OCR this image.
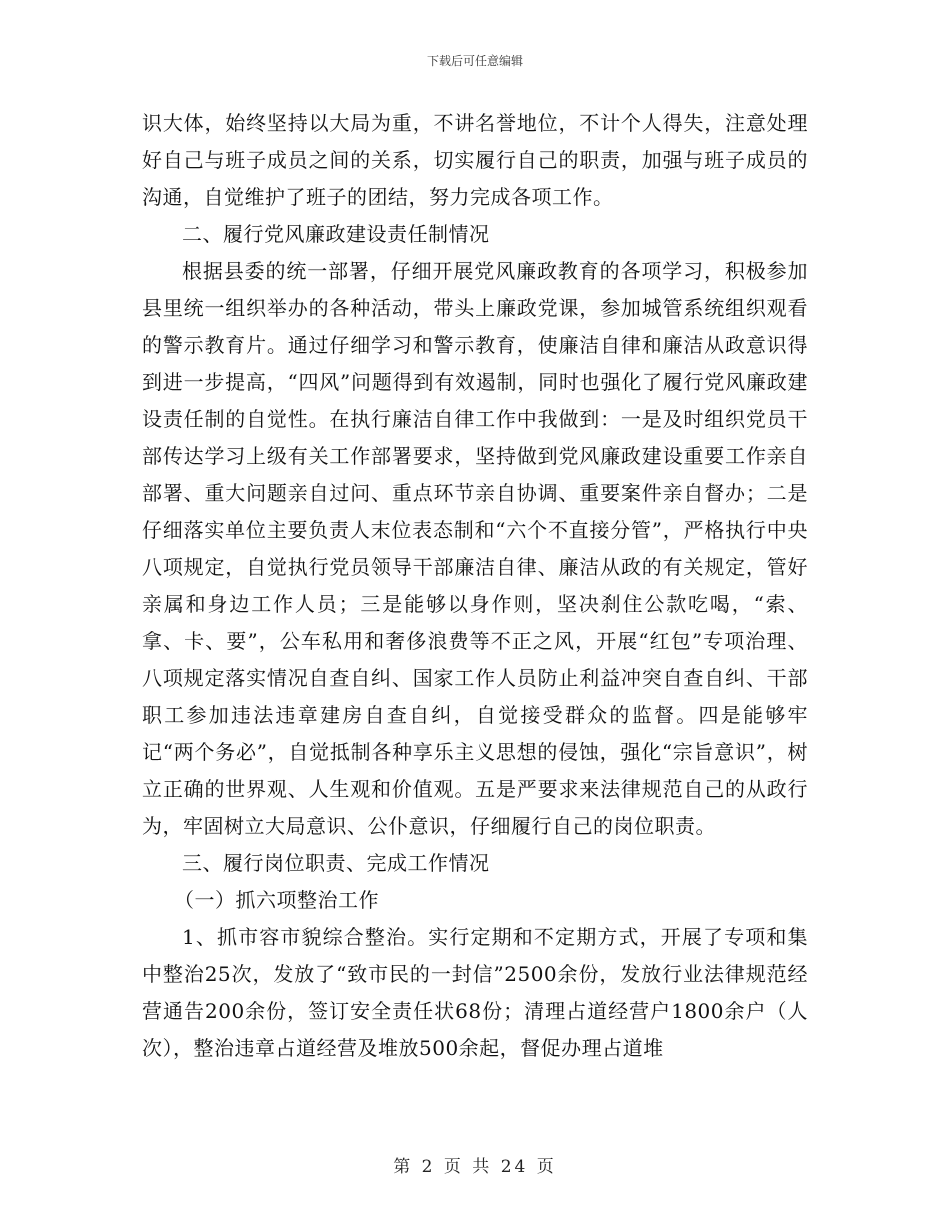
下载后可任意编辑

识大体，始终坚持以大局为重，不讲名誉地位，不计个人得失，注意处理好自己与班子成员之间的关系，切实履行自己的职责，加强与班子成员的沟通，自觉维护了班子的团结，努力完成各项工作。

二、履行党风廉政建设责任制情况

根据县委的统一部署，仔细开展党风廉政教育的各项学习，积极参加县里统一组织举办的各种活动，带头上廉政党课，参加城管系统组织观看的警示教育片。通过仔细学习和警示教育，使廉洁自律和廉洁从政意识得到进一步提高，“四风”问题得到有效遏制，同时也强化了履行党风廉政建设责任制的自觉性。在执行廉洁自律工作中我做到：一是及时组织党员干部传达学习上级有关工作部署要求，坚持做到党风廉政建设重要工作亲自部署、重大问题亲自过问、重点环节亲自协调、重要案件亲自督办；二是仔细落实单位主要负责人末位表态制和“六个不直接分管”，严格执行中央八项规定，自觉执行党员领导干部廉洁自律、廉洁从政的有关规定，管好亲属和身边工作人员；三是能够以身作则，坚决刹住公款吃喝，“索、拿、卡、要”，公车私用和奢侈浪费等不正之风，开展“红包”专项治理、八项规定落实情况自查自纠、国家工作人员防止利益冲突自查自纠、干部职工参加违法违章建房自查自纠，自觉接受群众的监督。四是能够牢记“两个务必”，自觉抵制各种享乐主义思想的侵蚀，强化“宗旨意识”，树立正确的世界观、人生观和价值观。五是严要求来法律规范自己的从政行为，牢固树立大局意识、公仆意识，仔细履行自己的岗位职责。

三、履行岗位职责、完成工作情况

（一）抓六项整治工作

1、抓市容市貌综合整治。实行定期和不定期方式，开展了专项和集中整治25次，发放了“致市民的一封信”2500余份，发放行业法律规范经营通告200余份，签订安全责任状68份；清理占道经营户1800余户（人次），整治违章占道经营及堆放500余起，督促办理占道堆

第 2 页 共 24 页
